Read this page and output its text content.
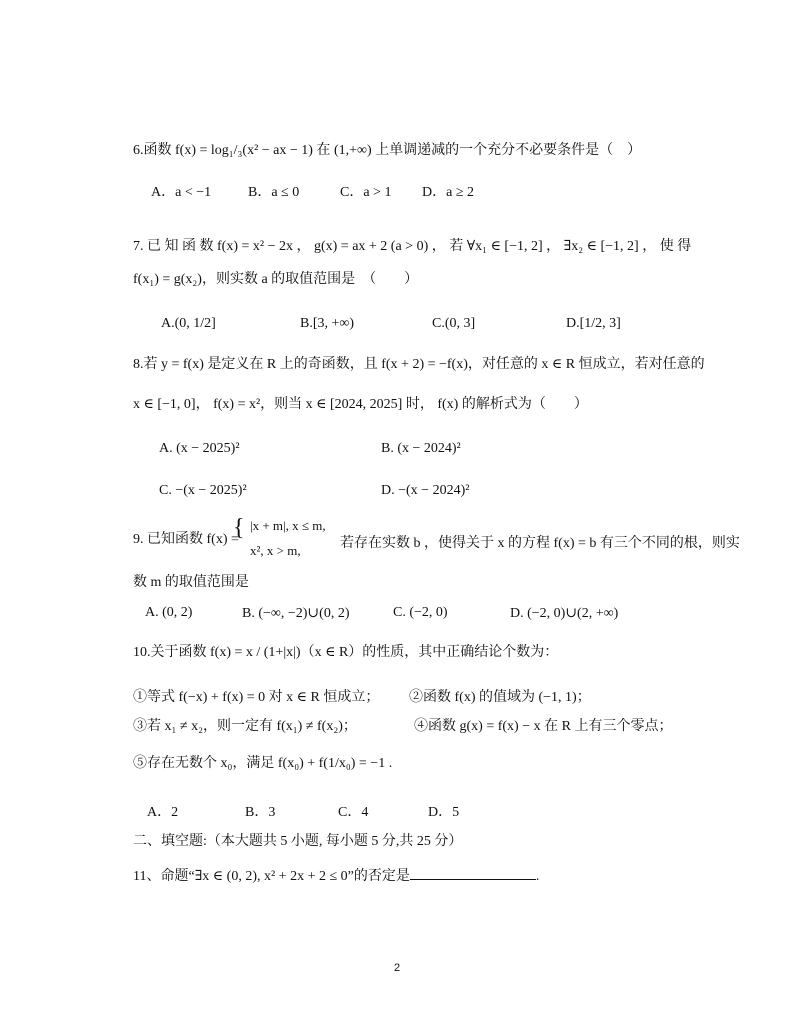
6.函数 f(x) = log₁/₃(x² − ax − 1) 在 (1,+∞) 上单调递减的一个充分不必要条件是（　）
A．a < −1	B．a ≤ 0	C．a > 1 D．a ≥ 2
7. 已 知 函 数 f(x) = x² − 2x ， g(x) = ax + 2 (a > 0) ， 若 ∀x₁ ∈ [−1, 2] ， ∃x₂ ∈ [−1, 2] ， 使 得
f(x₁) = g(x₂)，则实数 a 的取值范围是　（　　）
A.(0, 1/2]	B.[3, +∞)	C.(0, 3]	D.[1/2, 3]
8.若 y = f(x) 是定义在 R 上的奇函数，且 f(x + 2) = −f(x)，对任意的 x ∈ R 恒成立，若对任意的
x ∈ [−1, 0]， f(x) = x²，则当 x ∈ [2024, 2025] 时， f(x) 的解析式为（　　）
A. (x − 2025)²	B. (x − 2024)²
C. −(x − 2025)²	D. −(x − 2024)²
9. 已知函数 f(x) =
{ |x + m|, x ≤ m,
x², x > m,	若存在实数 b ，使得关于 x 的方程 f(x) = b 有三个不同的根，则实
数 m 的取值范围是
A. (0, 2)	B. (−∞, −2)∪(0, 2)	C. (−2, 0)	D. (−2, 0)∪(2, +∞)
10.关于函数 f(x) = x / (1+|x|)（x ∈ R）的性质，其中正确结论个数为：
①等式 f(−x) + f(x) = 0 对 x ∈ R 恒成立； ②函数 f(x) 的值域为 (−1, 1)；
③若 x₁ ≠ x₂，则一定有 f(x₁) ≠ f(x₂)；	④函数 g(x) = f(x) − x 在 R 上有三个零点；
⑤存在无数个 x₀，满足 f(x₀) + f(1/x₀) = −1 .
A．2	B．3	C．4	D．5
二、填空题:（本大题共 5 小题, 每小题 5 分,共 25 分）
11、命题“∃x ∈ (0, 2), x² + 2x + 2 ≤ 0”的否定是	.
2
